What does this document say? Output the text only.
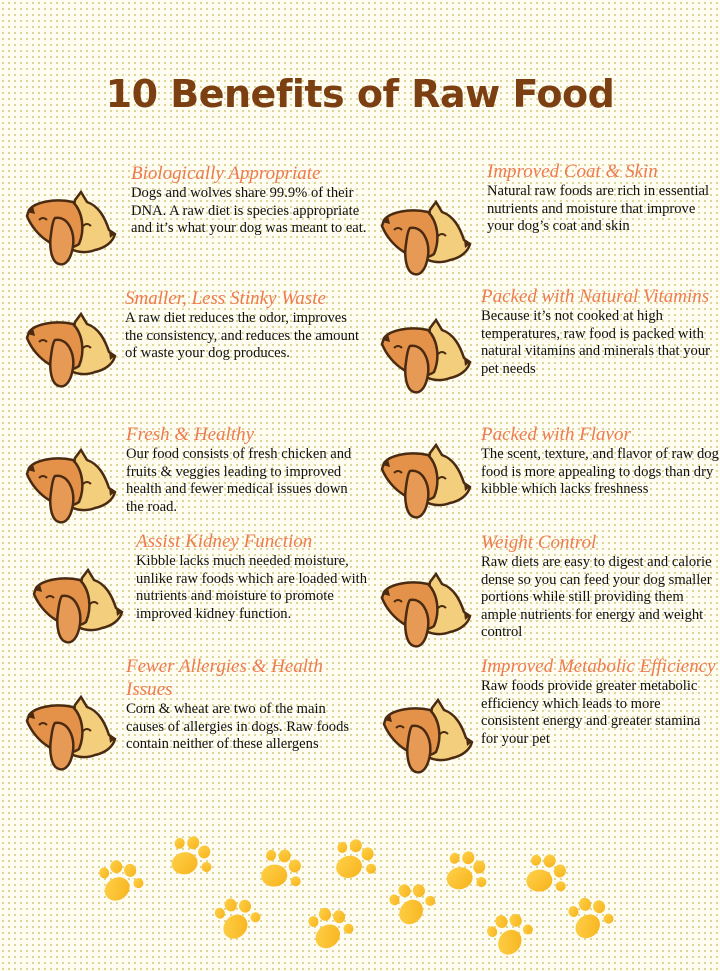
10 Benefits of Raw Food
Biologically Appropriate

Dogs and wolves share 99.9% of their DNA. A raw diet is species appropriate and it’s what your dog was meant to eat.

Improved Coat & Skin

Natural raw foods are rich in essential nutrients and moisture that improve your dog’s coat and skin

Smaller, Less Stinky Waste

A raw diet reduces the odor, improves the consistency, and reduces the amount of waste your dog produces.

Packed with Natural Vitamins

Because it’s not cooked at high temperatures, raw food is packed with natural vitamins and minerals that your pet needs

Fresh & Healthy

Our food consists of fresh chicken and fruits & veggies leading to improved health and fewer medical issues down the road.

Packed with Flavor

The scent, texture, and flavor of raw dog food is more appealing to dogs than dry kibble which lacks freshness

Assist Kidney Function

Kibble lacks much needed moisture, unlike raw foods which are loaded with nutrients and moisture to promote improved kidney function.

Weight Control

Raw diets are easy to digest and calorie dense so you can feed your dog smaller portions while still providing them ample nutrients for energy and weight control

Fewer Allergies & Health Issues

Corn & wheat are two of the main causes of allergies in dogs. Raw foods contain neither of these allergens

Improved Metabolic Efficiency

Raw foods provide greater metabolic efficiency which leads to more consistent energy and greater stamina for your pet
